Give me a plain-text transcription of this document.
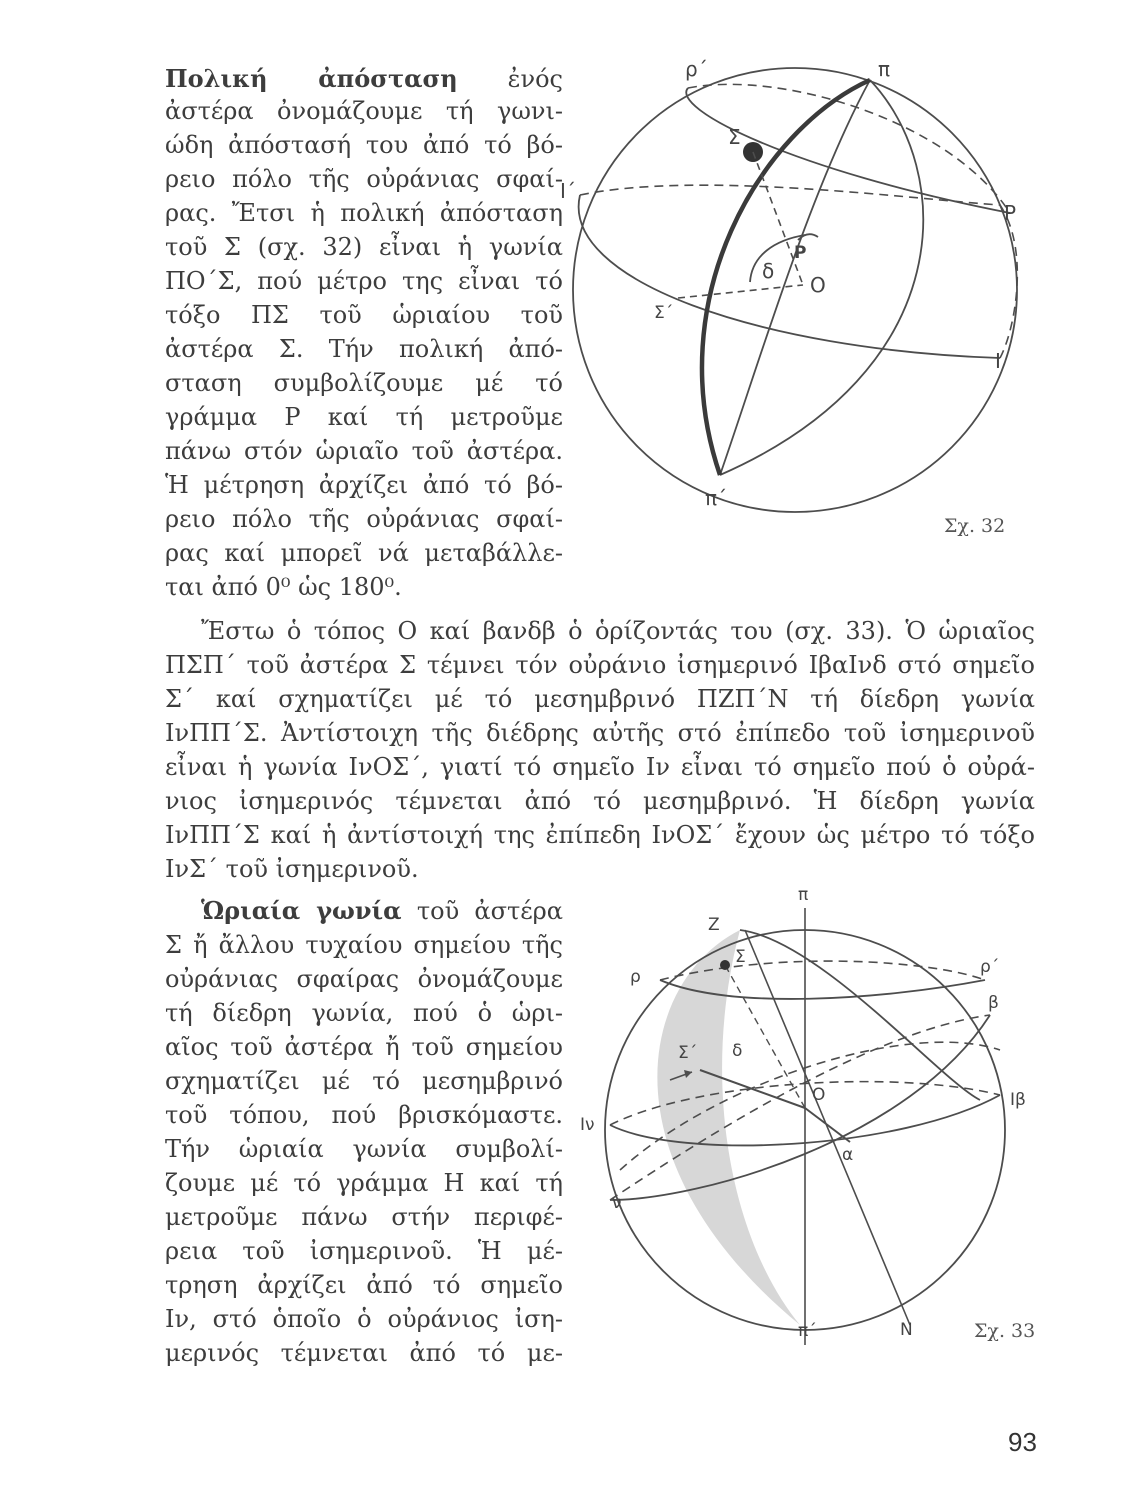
Πολική ἀπόσταση ἐνός
ἀστέρα ὀνομάζουμε τή γωνι-
ώδη ἀπόστασή του ἀπό τό βό-
ρειο πόλο τῆς οὐράνιας σφαί-
ρας. Ἔτσι ἡ πολική ἀπόσταση
τοῦ Σ (σχ. 32) εἶναι ἡ γωνία
ΠΟ΄Σ, πού μέτρο της εἶναι τό
τόξο ΠΣ τοῦ ὡριαίου τοῦ
ἀστέρα Σ. Τήν πολική ἀπό-
σταση συμβολίζουμε μέ τό
γράμμα Ρ καί τή μετροῦμε
πάνω στόν ὡριαῖο τοῦ ἀστέρα.
Ἡ μέτρηση ἀρχίζει ἀπό τό βό-
ρειο πόλο τῆς οὐράνιας σφαί-
ρας καί μπορεῖ νά μεταβάλλε-
ται ἀπό 0⁰ ὡς 180⁰.
Ἔστω ὁ τόπος Ο καί βανδβ ὁ ὁρίζοντάς του (σχ. 33). Ὁ ὡριαῖος
ΠΣΠ΄ τοῦ ἀστέρα Σ τέμνει τόν οὐράνιο ἰσημερινό ΙβαΙνδ στό σημεῖο
Σ΄ καί σχηματίζει μέ τό μεσημβρινό ΠΖΠ΄Ν τή δίεδρη γωνία
ΙνΠΠ΄Σ. Ἀντίστοιχη τῆς διέδρης αὐτῆς στό ἐπίπεδο τοῦ ἰσημερινοῦ
εἶναι ἡ γωνία ΙνΟΣ΄, γιατί τό σημεῖο Ιν εἶναι τό σημεῖο πού ὁ οὐρά-
νιος ἰσημερινός τέμνεται ἀπό τό μεσημβρινό. Ἡ δίεδρη γωνία
ΙνΠΠ΄Σ καί ἡ ἀντίστοιχή της ἐπίπεδη ΙνΟΣ΄ ἔχουν ὡς μέτρο τό τόξο
ΙνΣ΄ τοῦ ἰσημερινοῦ.
Ὡριαία γωνία τοῦ ἀστέρα
Σ ἤ ἄλλου τυχαίου σημείου τῆς
οὐράνιας σφαίρας ὀνομάζουμε
τή δίεδρη γωνία, πού ὁ ὡρι-
αῖος τοῦ ἀστέρα ἤ τοῦ σημείου
σχηματίζει μέ τό μεσημβρινό
τοῦ τόπου, πού βρισκόμαστε.
Τήν ὡριαία γωνία συμβολί-
ζουμε μέ τό γράμμα Η καί τή
μετροῦμε πάνω στήν περιφέ-
ρεια τοῦ ἰσημερινοῦ. Ἡ μέ-
τρηση ἀρχίζει ἀπό τό σημεῖο
Ιν, στό ὁποῖο ὁ οὐράνιος ἰση-
μερινός τέμνεται ἀπό τό με-
ρ΄	π
Σ
Ι΄
Ρ
δ
Ρ
Ο
Σ΄
Ι
π΄
Σχ. 32
π
Ζ
Σ
ρ	ρ΄
β
Σ΄ δ
Ο
Ιν
Ιβ
α
ν
Ν
π΄	Σχ. 33
93
